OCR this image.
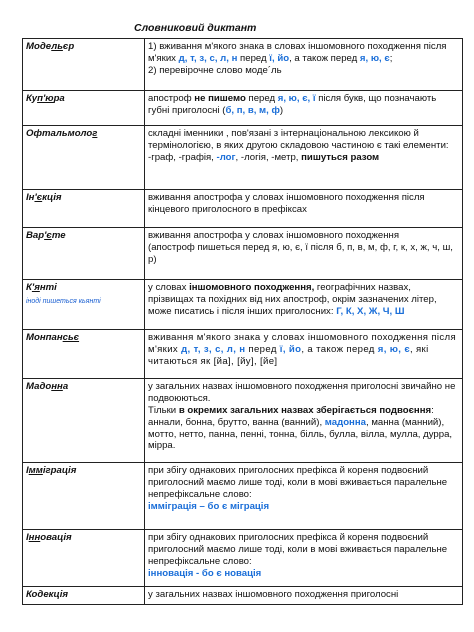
Словниковий диктант
Модельєр	1) вживання м'якого знака в словах іншомовного походження після м'яких д, т, з, с, л, н перед ї, йо, а також перед я, ю, є;
2) перевірочне слово моде´ль

Куп'юра	апостроф не пишемо перед я, ю, є, ї після букв, що позначають губні приголосні (б, п, в, м, ф)
Офтальмолог	складні іменники , пов'язані з інтернаціональною лексикою й термінологією, в яких другою складовою частиною є такі елементи:
-граф, -графія, -лог, -логія, -метр, пишуться разом

Ін'єкція	вживання апострофа у словах іншомовного походження після кінцевого приголосного в префіксах
Вар'єте	вживання апострофа у словах іншомовного походження
(апостроф пишеться перед я, ю, є, ї після б, п, в, м, ф, г, к, х, ж, ч, ш, р)

К'янті
іноді пишеться кьянті	у словах іншомовного походження, географічних назвах, прізвищах та похідних від них апостроф, окрім зазначених літер, може писатись і після інших приголосних: Г, К, Х, Ж, Ч, Ш
Монпансьє	вживання м'якого знака у словах іншомовного походження після м'яких д, т, з, с, л, н перед ї, йо, а також перед я, ю, є, які читаються як [йа], [йу], [йе]
Мадонна	у загальних назвах іншомовного походження приголосні звичайно не подвоюються.
Тільки в окремих загальних назвах зберігається подвоєння: аннали, бонна, брутто, ванна (ванний), мадонна, манна (манний), мотто, нетто, панна, пенні, тонна, білль, булла, вілла, мулла, дурра, мірра.

Імміграція	при збігу однакових приголосних префікса й кореня подвоєний приголосний маємо лише тоді, коли в мові вживається паралельне непрефіксальне слово:
імміграція – бо є міграція

Інновація	при збігу однакових приголосних префікса й кореня подвоєний приголосний маємо лише тоді, коли в мові вживається паралельне непрефіксальне слово:
інновація - бо є новація

Кодекція	у загальних назвах іншомовного походження приголосні
